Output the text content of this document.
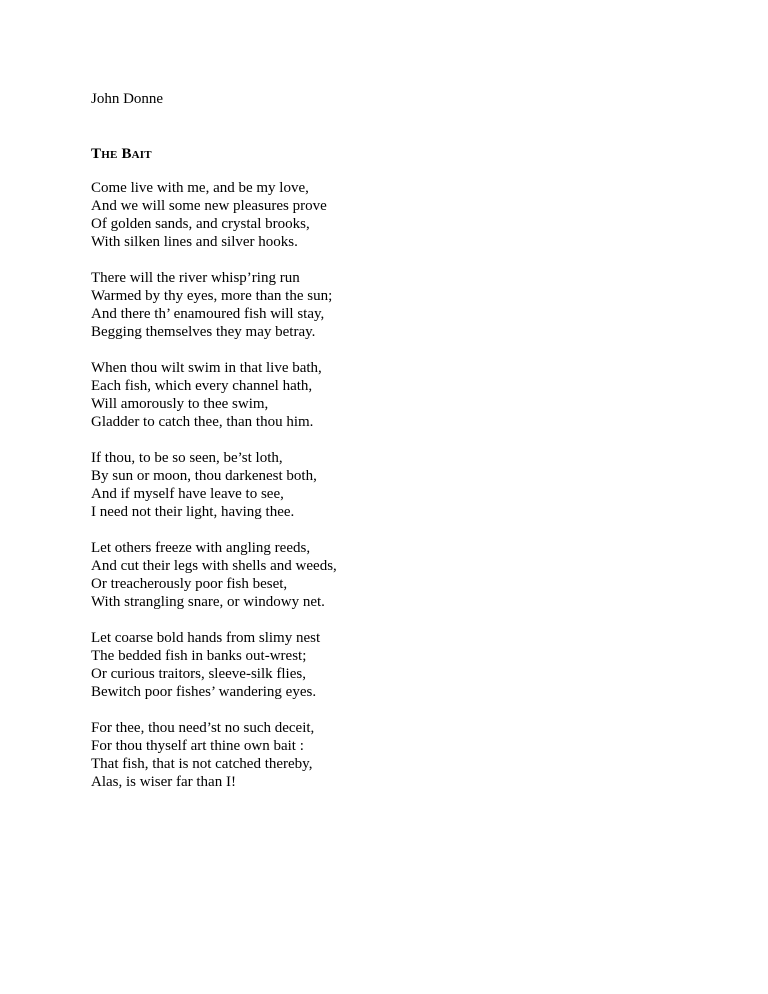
John Donne

The Bait
Come live with me, and be my love,
And we will some new pleasures prove
Of golden sands, and crystal brooks,
With silken lines and silver hooks.
There will the river whisp’ring run
Warmed by thy eyes, more than the sun;
And there th’ enamoured fish will stay,
Begging themselves they may betray.
When thou wilt swim in that live bath,
Each fish, which every channel hath,
Will amorously to thee swim,
Gladder to catch thee, than thou him.
If thou, to be so seen, be’st loth,
By sun or moon, thou darkenest both,
And if myself have leave to see,
I need not their light, having thee.
Let others freeze with angling reeds,
And cut their legs with shells and weeds,
Or treacherously poor fish beset,
With strangling snare, or windowy net.
Let coarse bold hands from slimy nest
The bedded fish in banks out-wrest;
Or curious traitors, sleeve-silk flies,
Bewitch poor fishes’ wandering eyes.
For thee, thou need’st no such deceit,
For thou thyself art thine own bait :
That fish, that is not catched thereby,
Alas, is wiser far than I!
